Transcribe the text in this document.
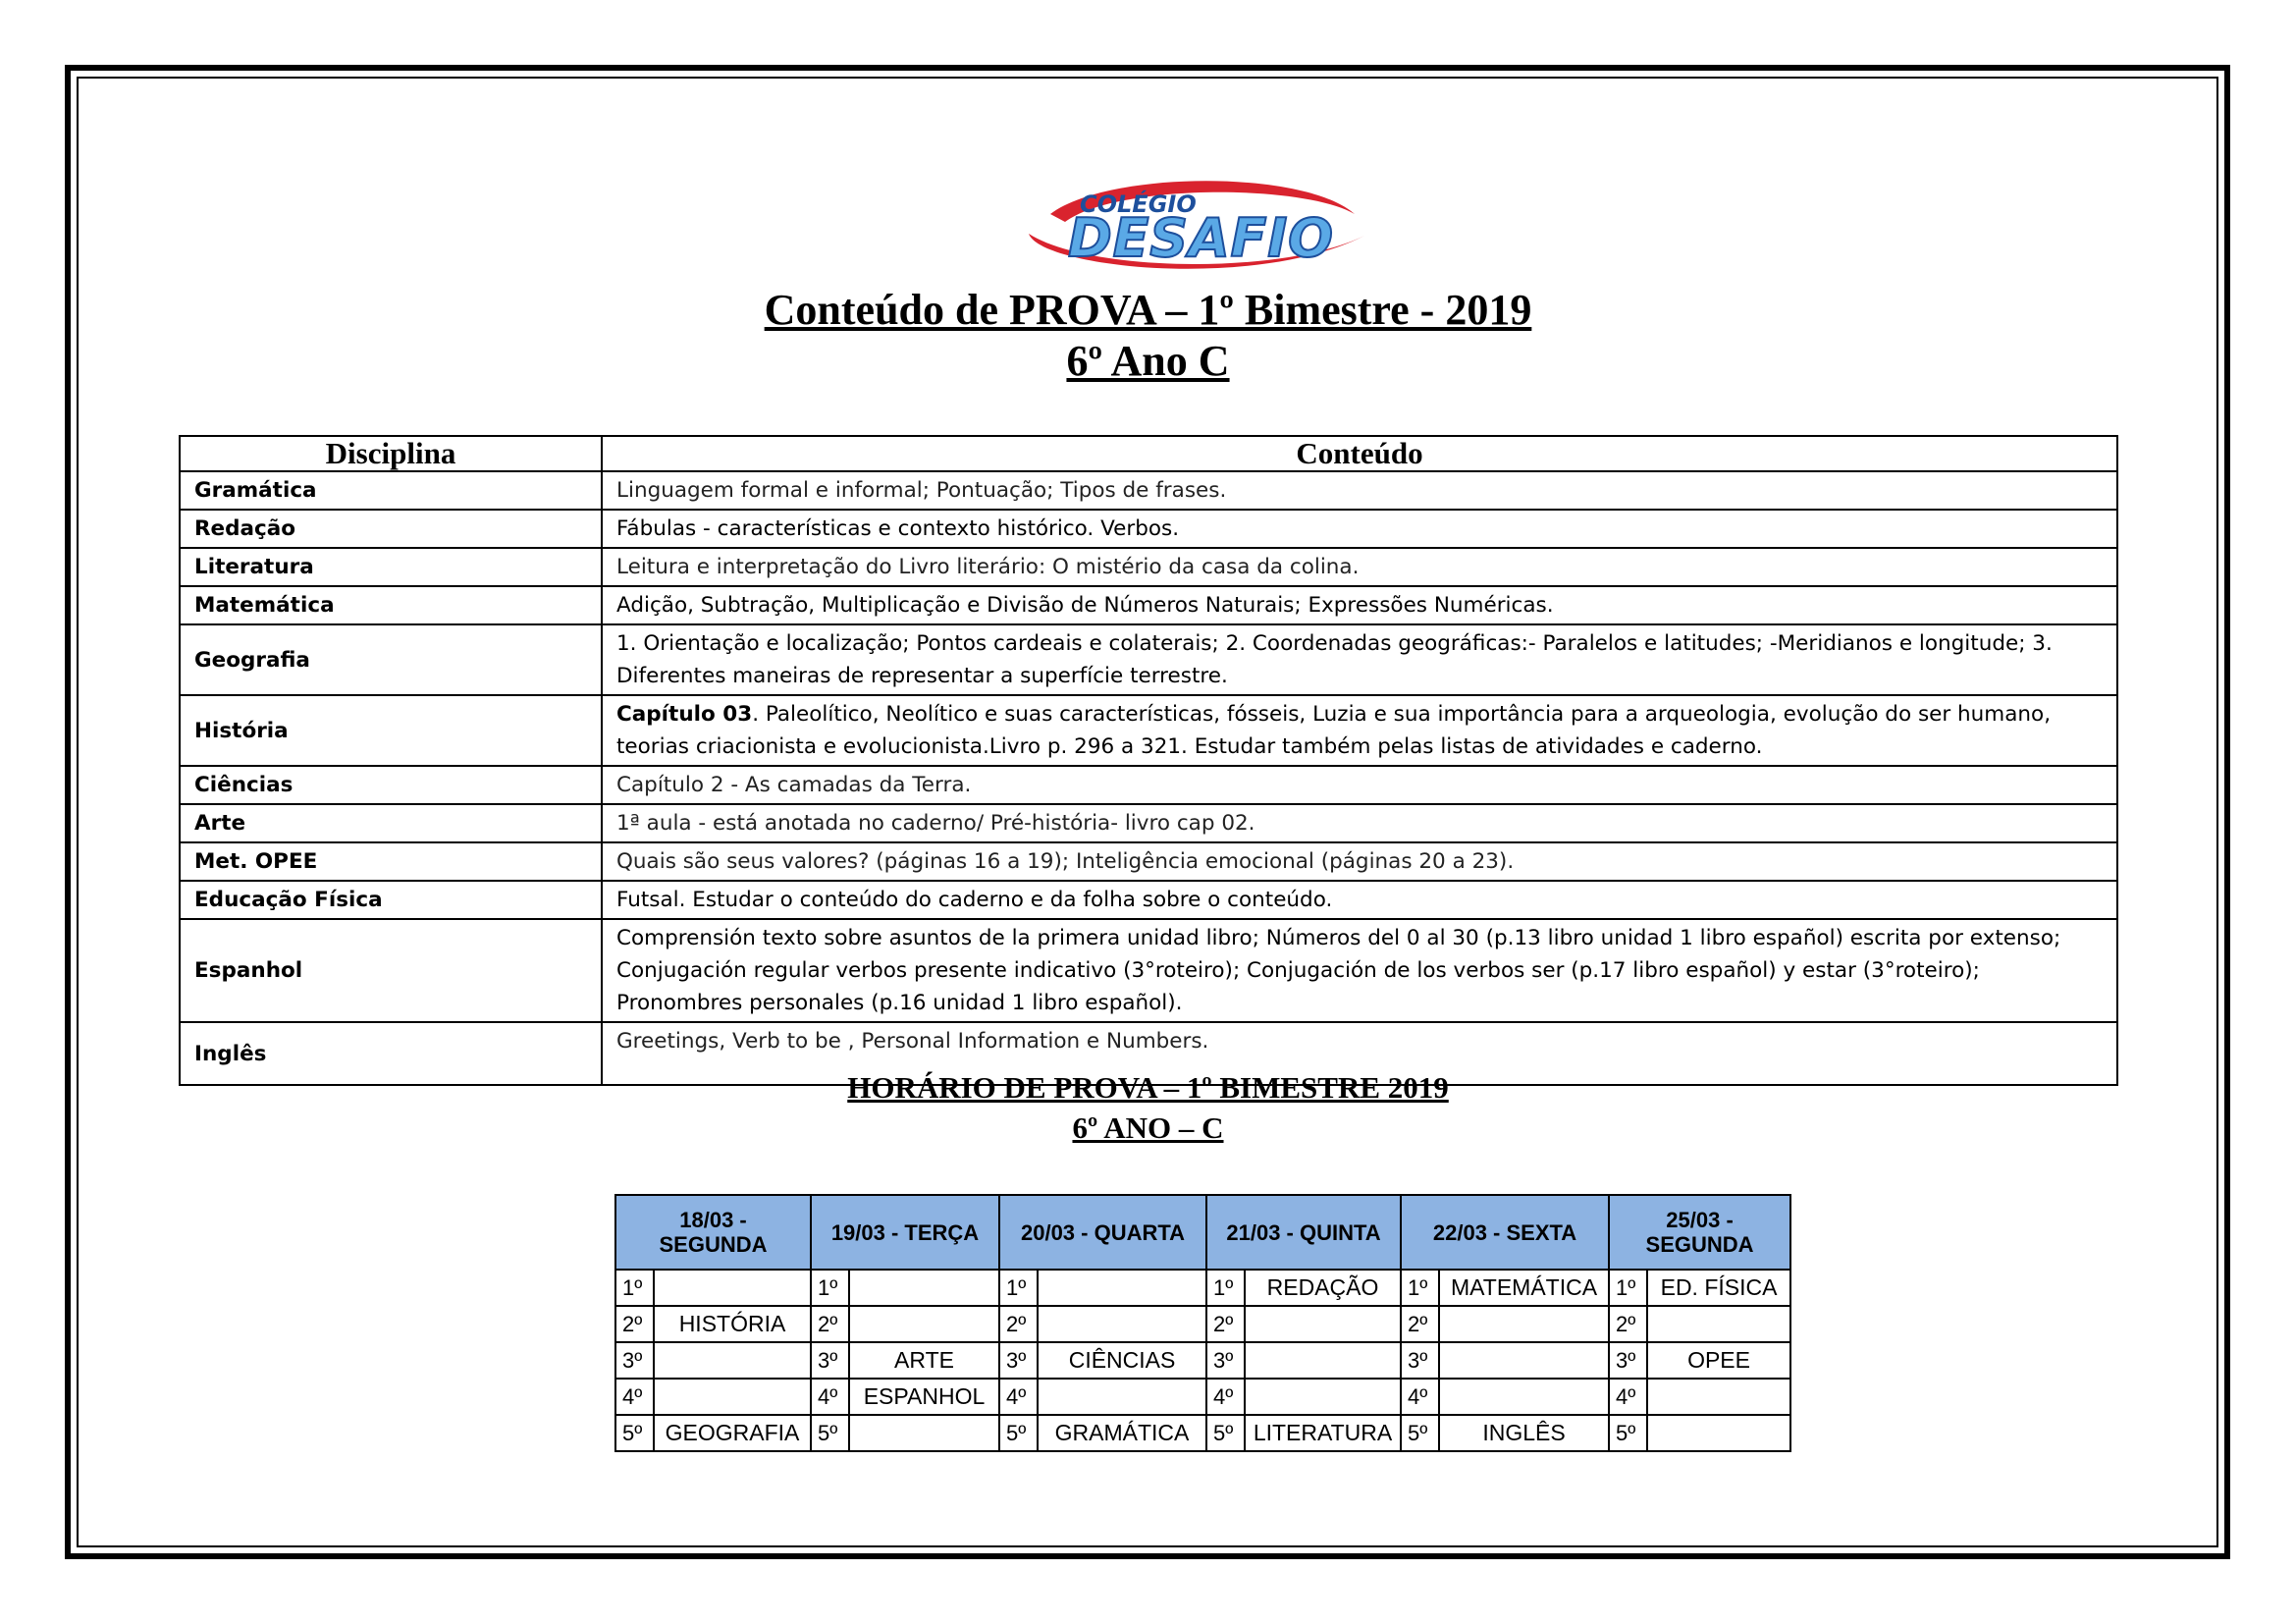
COLÉGIO
DESAFIO
Conteúdo de PROVA – 1º Bimestre - 2019
6º Ano C
Disciplina	Conteúdo
Gramática	Linguagem formal e informal; Pontuação; Tipos de frases.
Redação	Fábulas - características e contexto histórico. Verbos.
Literatura	Leitura e interpretação do Livro literário: O mistério da casa da colina.
Matemática	Adição, Subtração, Multiplicação e Divisão de Números Naturais; Expressões Numéricas.
Geografia	1. Orientação e localização; Pontos cardeais e colaterais; 2. Coordenadas geográficas:- Paralelos e latitudes; -Meridianos e longitude; 3. Diferentes maneiras de representar a superfície terrestre.
História	Capítulo 03. Paleolítico, Neolítico e suas características, fósseis, Luzia e sua importância para a arqueologia, evolução do ser humano, teorias criacionista e evolucionista.Livro p. 296 a 321. Estudar também pelas listas de atividades e caderno.
Ciências	Capítulo 2 - As camadas da Terra.
Arte	1ª aula - está anotada no caderno/ Pré-história- livro cap 02.
Met. OPEE	Quais são seus valores? (páginas 16 a 19); Inteligência emocional (páginas 20 a 23).
Educação Física	Futsal. Estudar o conteúdo do caderno e da folha sobre o conteúdo.
Espanhol	Comprensión texto sobre asuntos de la primera unidad libro; Números del 0 al 30 (p.13 libro unidad 1 libro español) escrita por extenso; Conjugación regular verbos presente indicativo (3°roteiro); Conjugación de los verbos ser (p.17 libro español) y estar (3°roteiro); Pronombres personales (p.16 unidad 1 libro español).
Inglês	Greetings, Verb to be , Personal Information e Numbers.
HORÁRIO DE PROVA – 1º BIMESTRE 2019
6º ANO – C
18/03 - SEGUNDA		19/03 - TERÇA		20/03 - QUARTA		21/03 - QUINTA		22/03 - SEXTA		25/03 - SEGUNDA	
1º		1º		1º		1º	REDAÇÃO	1º	MATEMÁTICA	1º	ED. FÍSICA
2º	HISTÓRIA	2º		2º		2º		2º		2º	
3º		3º	ARTE	3º	CIÊNCIAS	3º		3º		3º	OPEE
4º		4º	ESPANHOL	4º		4º		4º		4º	
5º	GEOGRAFIA	5º		5º	GRAMÁTICA	5º	LITERATURA	5º	INGLÊS	5º	
